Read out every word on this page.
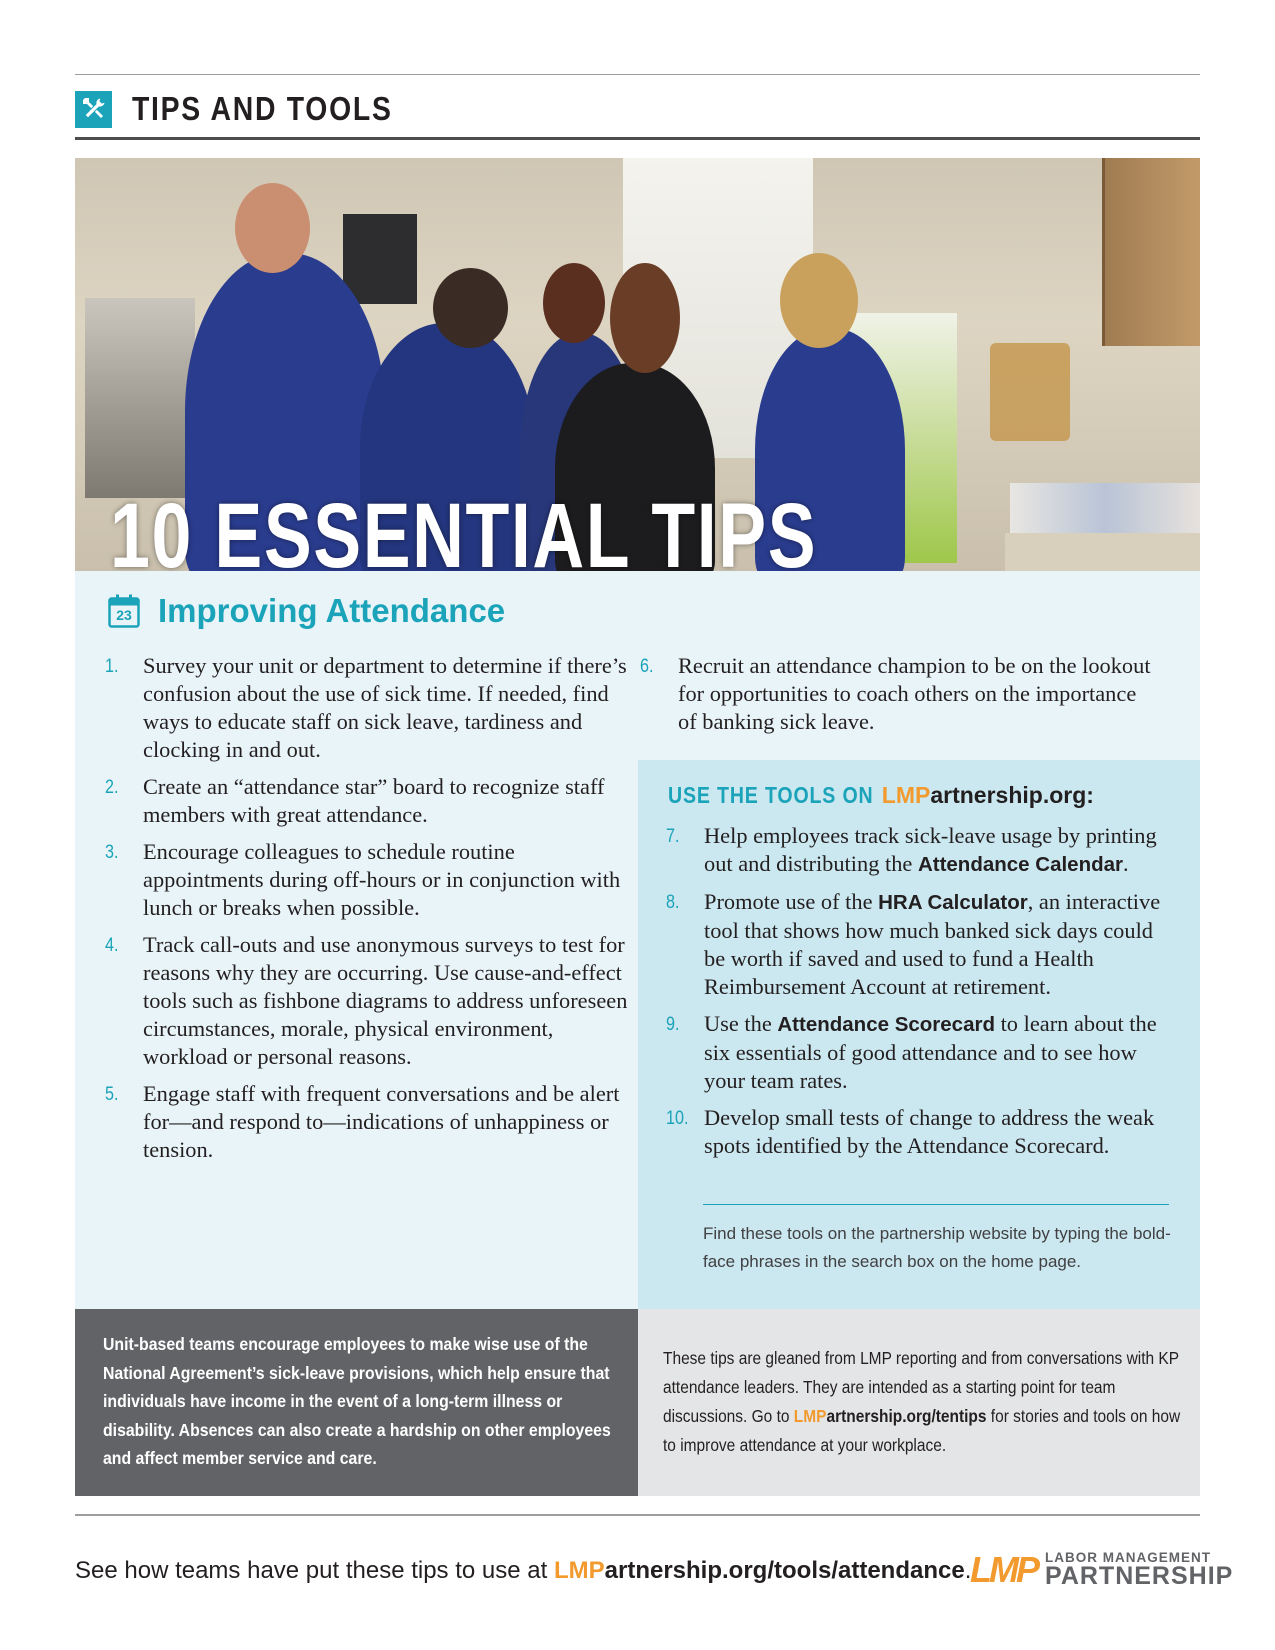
TIPS AND TOOLS
10 ESSENTIAL TIPS
23 Improving Attendance
1. Survey your unit or department to determine if there’s confusion about the use of sick time. If needed, find ways to educate staff on sick leave, tardiness and clocking in and out.
2. Create an “attendance star” board to recognize staff members with great attendance.
3. Encourage colleagues to schedule routine appointments during off-hours or in conjunction with lunch or breaks when possible.
4. Track call-outs and use anonymous surveys to test for reasons why they are occurring. Use cause-and-effect tools such as fishbone diagrams to address unforeseen circumstances, morale, physical environment, workload or personal reasons.
5. Engage staff with frequent conversations and be alert for—and respond to—indications of unhappiness or tension.
6. Recruit an attendance champion to be on the lookout for opportunities to coach others on the importance of banking sick leave.
USE THE TOOLS ONLMPartnership.org:
7. Help employees track sick-leave usage by printing out and distributing the Attendance Calendar.
8. Promote use of the HRA Calculator, an interactive tool that shows how much banked sick days could be worth if saved and used to fund a Health Reimbursement Account at retirement.
9. Use the Attendance Scorecard to learn about the six essentials of good attendance and to see how your team rates.
10. Develop small tests of change to address the weak spots identified by the Attendance Scorecard.
Find these tools on the partnership website by typing the bold-face phrases in the search box on the home page.
Unit-based teams encourage employees to make wise use of the National Agreement’s sick-leave provisions, which help ensure that individuals have income in the event of a long-term illness or disability. Absences can also create a hardship on other employees and affect member service and care.
These tips are gleaned from LMP reporting and from conversations with KP attendance leaders. They are intended as a starting point for team discussions. Go to LMPartnership.org/tentips for stories and tools on how to improve attendance at your workplace.
See how teams have put these tips to use at LMPartnership.org/tools/attendance.
LMP LABOR MANAGEMENT
PARTNERSHIP
